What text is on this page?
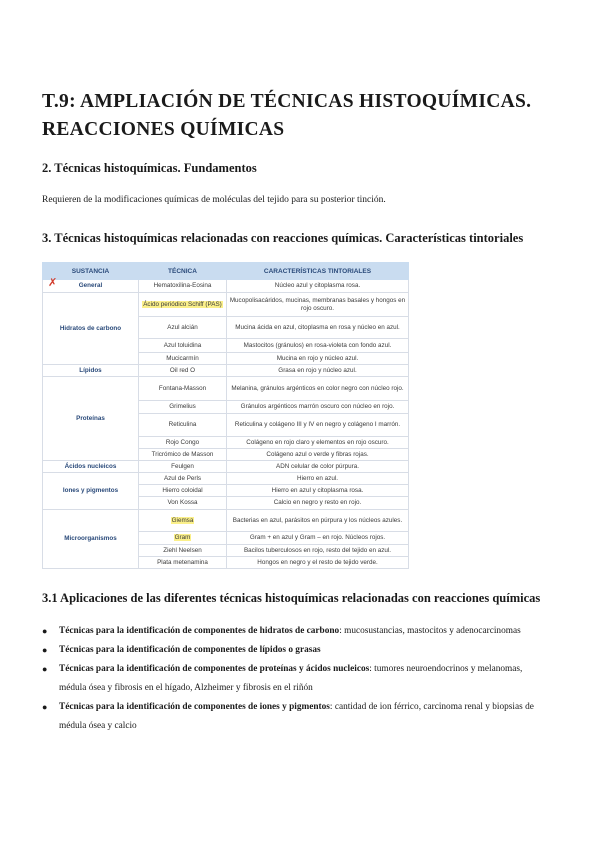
T.9: AMPLIACIÓN DE TÉCNICAS HISTOQUÍMICAS. REACCIONES QUÍMICAS
2. Técnicas histoquímicas. Fundamentos
Requieren de la modificaciones químicas de moléculas del tejido para su posterior tinción.
3. Técnicas histoquímicas relacionadas con reacciones químicas. Características tintoriales
SUSTANCIA	TÉCNICA	CARACTERÍSTICAS TINTORIALES
General	Hematoxilina-Eosina	Núcleo azul y citoplasma rosa.
Hidratos de carbono	Ácido periódico Schiff (PAS)	Mucopolisacáridos, mucinas, membranas basales y hongos en rojo oscuro.
	Azul alcián	Mucina ácida en azul, citoplasma en rosa y núcleo en azul.
	Azul toluidina	Mastocitos (gránulos) en rosa-violeta con fondo azul.
	Mucicarmín	Mucina en rojo y núcleo azul.
Lípidos	Oil red O	Grasa en rojo y núcleo azul.
Proteínas	Fontana-Masson	Melanina, gránulos argénticos en color negro con núcleo rojo.
	Grimelius	Gránulos argénticos marrón oscuro con núcleo en rojo.
	Reticulina	Reticulina y colágeno III y IV en negro y colágeno I marrón.
	Rojo Congo	Colágeno en rojo claro y elementos en rojo oscuro.
	Tricrómico de Masson	Colágeno azul o verde y fibras rojas.
Ácidos nucleicos	Feulgen	ADN celular de color púrpura.
Iones y pigmentos	Azul de Perls	Hierro en azul.
	Hierro coloidal	Hierro en azul y citoplasma rosa.
	Von Kossa	Calcio en negro y resto en rojo.
Microorganismos	Giemsa	Bacterias en azul, parásitos en púrpura y los núcleos azules.
	Gram	Gram + en azul y Gram – en rojo. Núcleos rojos.
	Ziehl Neelsen	Bacilos tuberculosos en rojo, resto del tejido en azul.
	Plata metenamina	Hongos en negro y el resto de tejido verde.
✗
3.1 Aplicaciones de las diferentes técnicas histoquímicas relacionadas con reacciones químicas
● Técnicas para la identificación de componentes de hidratos de carbono: mucosustancias, mastocitos y adenocarcinomas
● Técnicas para la identificación de componentes de lípidos o grasas
● Técnicas para la identificación de componentes de proteínas y ácidos nucleicos: tumores neuroendocrinos y melanomas, médula ósea y fibrosis en el hígado, Alzheimer y fibrosis en el riñón
● Técnicas para la identificación de componentes de iones y pigmentos: cantidad de ion férrico, carcinoma renal y biopsias de médula ósea y calcio
